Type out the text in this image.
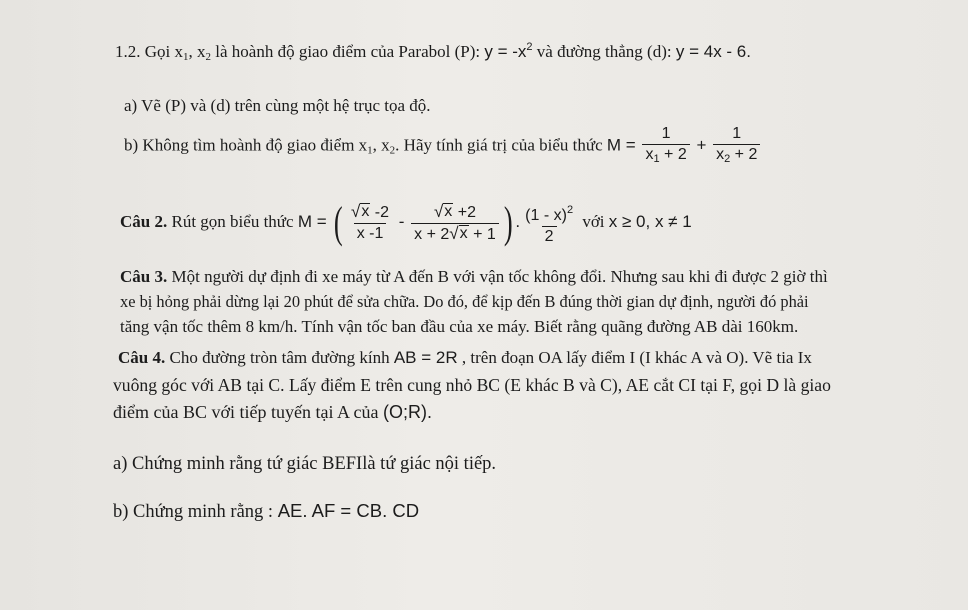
1.2. Gọi $x_1$, $x_2$ là hoành độ giao điểm của Parabol (P): $y = -x^2$ và đường thẳng (d): y = 4x - 6.
a) Vẽ (P) và (d) trên cùng một hệ trục tọa độ.
b) Không tìm hoành độ giao điểm $x_1$, $x_2$. Hãy tính giá trị của biểu thức $M = \frac{1}{x_1 + 2} + \frac{1}{x_2 + 2}$
Câu 2. Rút gọn biểu thức M = ( $\frac{√ x -2}{x -1} - \frac{√ x +2}{x + 2 √ x + 1}$ ) . $\frac{(1 - x)^2}{2}$ với x ≥ 0, x ≠ 1
Câu 3. Một người dự định đi xe máy từ A đến B với vận tốc không đổi. Nhưng sau khi đi được 2 giờ thì
xe bị hỏng phải dừng lại 20 phút để sửa chữa. Do đó, để kịp đến B đúng thời gian dự định, người đó phải
tăng vận tốc thêm 8 km/h. Tính vận tốc ban đầu của xe máy. Biết rằng quãng đường AB dài 160km.
Câu 4. Cho đường tròn tâm đường kính AB = 2R , trên đoạn OA lấy điểm I (I khác A và O). Vẽ tia Ix
vuông góc với AB tại C. Lấy điểm E trên cung nhỏ BC (E khác B và C), AE cắt CI tại F, gọi D là giao
điểm của BC với tiếp tuyến tại A của (O;R).
a) Chứng minh rằng tứ giác BEFIlà tứ giác nội tiếp.
b) Chứng minh rằng : AE. AF = CB. CD
